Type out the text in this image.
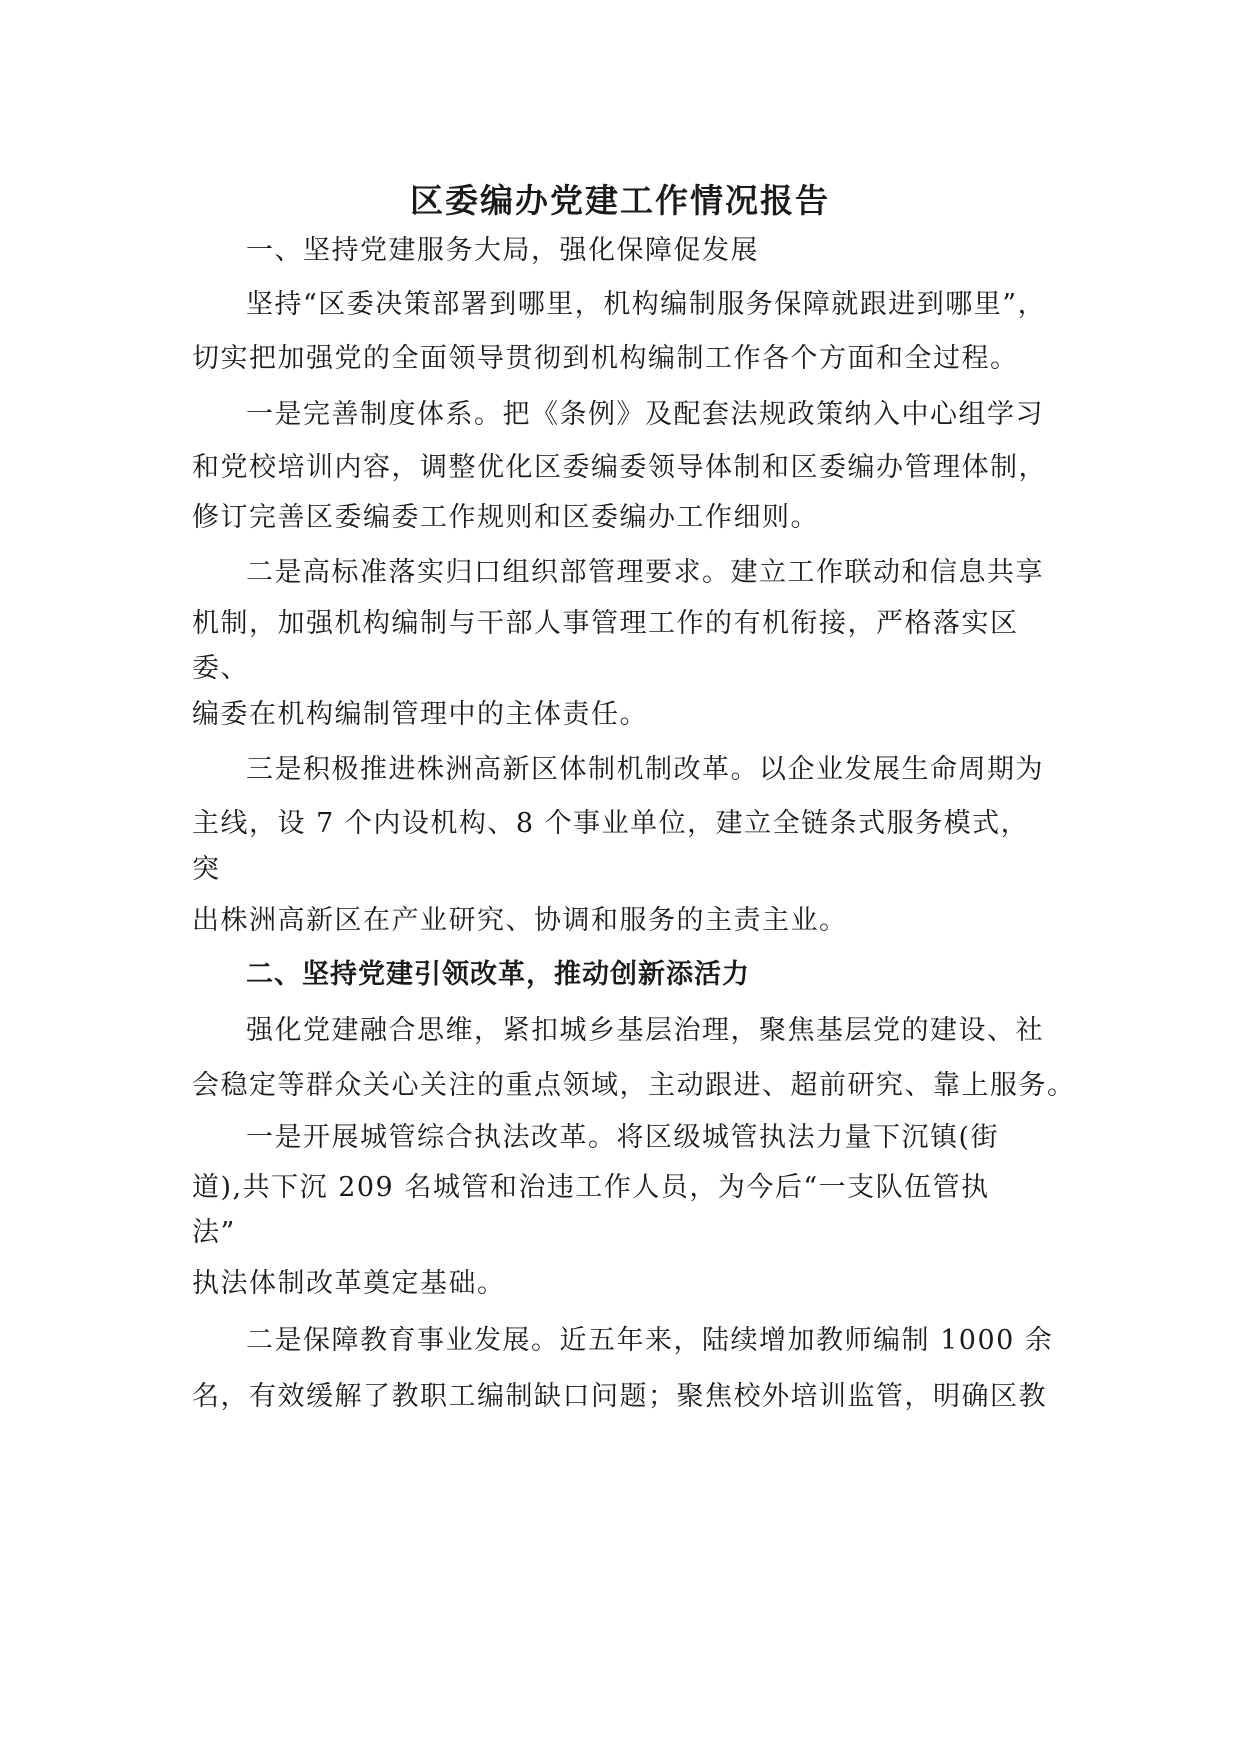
区委编办党建工作情况报告
一、坚持党建服务大局，强化保障促发展
坚持“区委决策部署到哪里，机构编制服务保障就跟进到哪里”，
切实把加强党的全面领导贯彻到机构编制工作各个方面和全过程。
一是完善制度体系。把《条例》及配套法规政策纳入中心组学习
和党校培训内容，调整优化区委编委领导体制和区委编办管理体制，
修订完善区委编委工作规则和区委编办工作细则。
二是高标准落实归口组织部管理要求。建立工作联动和信息共享
机制，加强机构编制与干部人事管理工作的有机衔接，严格落实区
委、
编委在机构编制管理中的主体责任。
三是积极推进株洲高新区体制机制改革。以企业发展生命周期为
主线，设 7 个内设机构、8 个事业单位，建立全链条式服务模式，
突
出株洲高新区在产业研究、协调和服务的主责主业。
二、坚持党建引领改革，推动创新添活力
强化党建融合思维，紧扣城乡基层治理，聚焦基层党的建设、社
会稳定等群众关心关注的重点领域，主动跟进、超前研究、靠上服务。
一是开展城管综合执法改革。将区级城管执法力量下沉镇(街
道),共下沉 209 名城管和治违工作人员，为今后“一支队伍管执
法”
执法体制改革奠定基础。
二是保障教育事业发展。近五年来，陆续增加教师编制 1000 余
名，有效缓解了教职工编制缺口问题；聚焦校外培训监管，明确区教
